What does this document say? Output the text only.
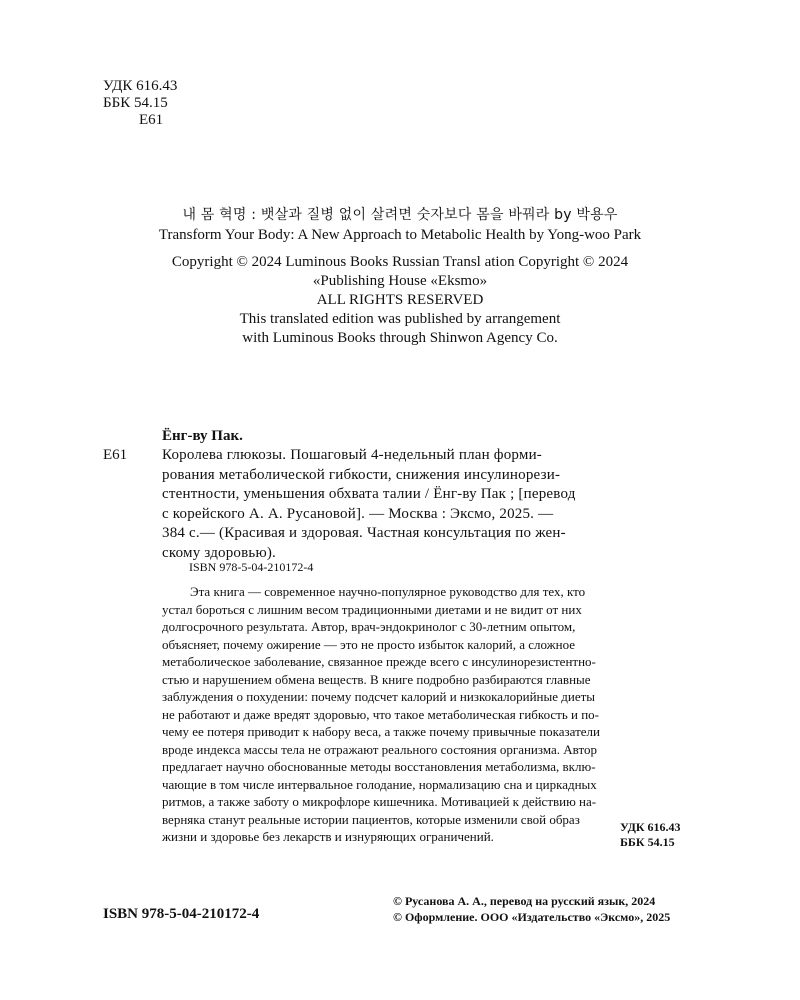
УДК 616.43
ББК 54.15
Е61
내 몸 혁명 : 뱃살과 질병 없이 살려면 숫자보다 몸을 바꿔라 by 박용우
Transform Your Body: A New Approach to Metabolic Health by Yong-woo Park
Copyright © 2024 Luminous Books Russian Transl ation Copyright © 2024
«Publishing House «Eksmo»
ALL RIGHTS RESERVED
This translated edition was published by arrangement
with Luminous Books through Shinwon Agency Co.
Ёнг-ву Пак.
Е61 Королева глюкозы. Пошаговый 4-недельный план форми-
рования метаболической гибкости, снижения инсулинорези-
стентности, уменьшения обхвата талии / Ёнг-ву Пак ; [перевод
с корейского А. А. Русановой]. — Москва : Эксмо, 2025. —
384 с.— (Красивая и здоровая. Частная консультация по жен-
скому здоровью).
ISBN 978-5-04-210172-4
Эта книга — современное научно-популярное руководство для тех, кто
устал бороться с лишним весом традиционными диетами и не видит от них
долгосрочного результата. Автор, врач-эндокринолог с 30-летним опытом,
объясняет, почему ожирение — это не просто избыток калорий, а сложное
метаболическое заболевание, связанное прежде всего с инсулинорезистентно-
стью и нарушением обмена веществ. В книге подробно разбираются главные
заблуждения о похудении: почему подсчет калорий и низкокалорийные диеты
не работают и даже вредят здоровью, что такое метаболическая гибкость и по-
чему ее потеря приводит к набору веса, а также почему привычные показатели
вроде индекса массы тела не отражают реального состояния организма. Автор
предлагает научно обоснованные методы восстановления метаболизма, вклю-
чающие в том числе интервальное голодание, нормализацию сна и циркадных
ритмов, а также заботу о микрофлоре кишечника. Мотивацией к действию на-
верняка станут реальные истории пациентов, которые изменили свой образ
жизни и здоровье без лекарств и изнуряющих ограничений.
УДК 616.43
ББК 54.15
ISBN 978-5-04-210172-4
© Русанова А. А., перевод на русский язык, 2024
© Оформление. ООО «Издательство «Эксмо», 2025
